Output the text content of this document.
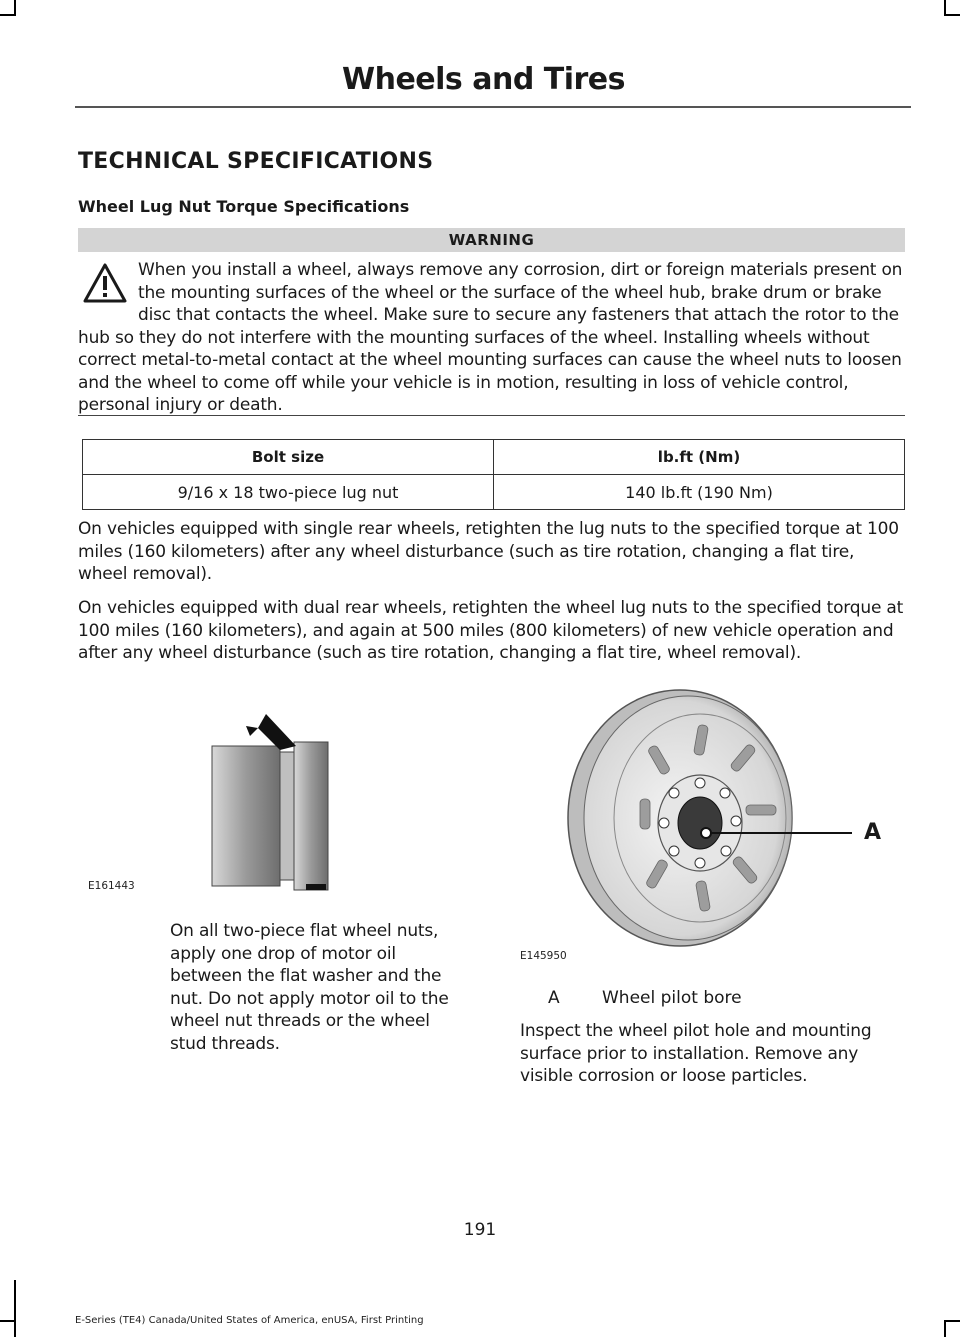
Wheels and Tires
TECHNICAL SPECIFICATIONS
Wheel Lug Nut Torque Specifications
WARNING

When you install a wheel, always remove any corrosion, dirt or foreign materials present on the mounting surfaces of the wheel or the surface of the wheel hub, brake drum or brake disc that contacts the wheel. Make sure to secure any fasteners that attach the rotor to the hub so they do not interfere with the mounting surfaces of the wheel. Installing wheels without correct metal-to-metal contact at the wheel mounting surfaces can cause the wheel nuts to loosen and the wheel to come off while your vehicle is in motion, resulting in loss of vehicle control, personal injury or death.

Bolt size	lb.ft (Nm)
9/16 x 18 two-piece lug nut	140 lb.ft (190 Nm)

On vehicles equipped with single rear wheels, retighten the lug nuts to the specified torque at 100 miles (160 kilometers) after any wheel disturbance (such as tire rotation, changing a flat tire, wheel removal).

On vehicles equipped with dual rear wheels, retighten the wheel lug nuts to the specified torque at 100 miles (160 kilometers), and again at 500 miles (800 kilometers) of new vehicle operation and after any wheel disturbance (such as tire rotation, changing a flat tire, wheel removal).

E161443

On all two-piece flat wheel nuts, apply one drop of motor oil between the flat washer and the nut. Do not apply motor oil to the wheel nut threads or the wheel stud threads.

A
E145950
A Wheel pilot bore

Inspect the wheel pilot hole and mounting surface prior to installation. Remove any visible corrosion or loose particles.

191
E-Series (TE4) Canada/United States of America, enUSA, First Printing
